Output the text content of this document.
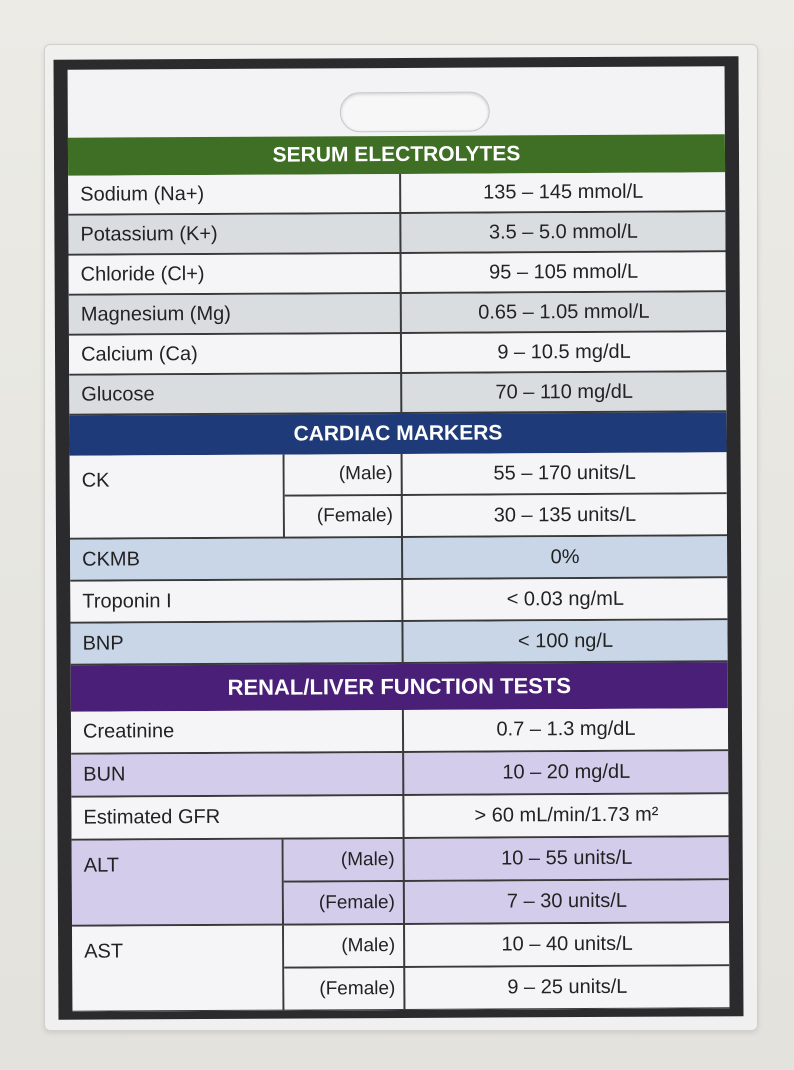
SERUM ELECTROLYTES
Sodium (Na+)	135 – 145 mmol/L
Potassium (K+)	3.5 – 5.0 mmol/L
Chloride (Cl+)	95 – 105 mmol/L
Magnesium (Mg)	0.65 – 1.05 mmol/L
Calcium (Ca)	9 – 10.5 mg/dL
Glucose	70 – 110 mg/dL
CARDIAC MARKERS
CK	(Male)	55 – 170 units/L
(Female)	30 – 135 units/L
CKMB	0%
Troponin I	< 0.03 ng/mL
BNP	< 100 ng/L
RENAL/LIVER FUNCTION TESTS
Creatinine	0.7 – 1.3 mg/dL
BUN	10 – 20 mg/dL
Estimated GFR	> 60 mL/min/1.73 m²
ALT	(Male)	10 – 55 units/L
(Female)	7 – 30 units/L
AST	(Male)	10 – 40 units/L
(Female)	9 – 25 units/L
